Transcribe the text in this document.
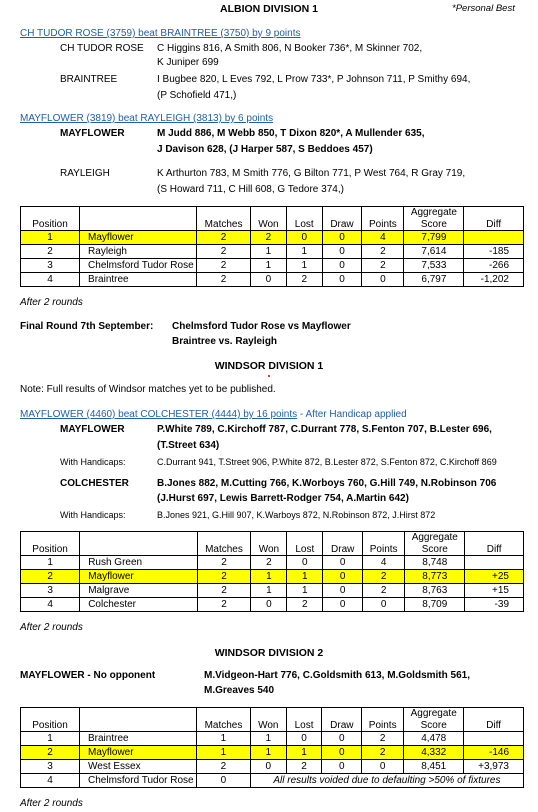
ALBION DIVISION 1	*Personal Best
CH TUDOR ROSE (3759) beat BRAINTREE (3750) by 9 points
CH TUDOR ROSE C Higgins 816, A Smith 806, N Booker 736*, M Skinner 702,
K Juniper 699
BRAINTREE	I Bugbee 820, L Eves 792, L Prow 733*, P Johnson 711, P Smithy 694,
(P Schofield 471,)
MAYFLOWER (3819) beat RAYLEIGH (3813) by 6 points
MAYFLOWER	M Judd 886, M Webb 850, T Dixon 820*, A Mullender 635,
J Davison 628, (J Harper 587, S Beddoes 457)
RAYLEIGH	K Arthurton 783, M Smith 776, G Bilton 771, P West 764, R Gray 719,
(S Howard 711, C Hill 608, G Tedore 374,)
Position		Matches	Won	Lost	Draw	Points	Aggregate Score	Diff
1	Mayflower	2	2	0	0	4	7,799	
2	Rayleigh	2	1	1	0	2	7,614	-185
3	Chelmsford Tudor Rose	2	1	1	0	2	7,533	-266
4	Braintree	2	0	2	0	0	6,797	-1,202
After 2 rounds
Final Round 7th September: Chelmsford Tudor Rose vs Mayflower
Braintree vs. Rayleigh
WINDSOR DIVISION 1
Note: Full results of Windsor matches yet to be published.
MAYFLOWER (4460) beat COLCHESTER (4444) by 16 points - After Handicap applied
MAYFLOWER	P.White 789, C.Kirchoff 787, C.Durrant 778, S.Fenton 707, B.Lester 696,
(T.Street 634)
With Handicaps:	C.Durrant 941, T.Street 906, P.White 872, B.Lester 872, S.Fenton 872, C.Kirchoff 869
COLCHESTER	B.Jones 882, M.Cutting 766, K.Worboys 760, G.Hill 749, N.Robinson 706
(J.Hurst 697, Lewis Barrett-Rodger 754, A.Martin 642)
With Handicaps:	B.Jones 921, G.Hill 907, K.Warboys 872, N.Robinson 872, J.Hirst 872
Position		Matches	Won	Lost	Draw	Points	Aggregate Score	Diff
1	Rush Green	2	2	0	0	4	8,748	
2	Mayflower	2	1	1	0	2	8,773	+25
3	Malgrave	2	1	1	0	2	8,763	+15
4	Colchester	2	0	2	0	0	8,709	-39
After 2 rounds
WINDSOR DIVISION 2
MAYFLOWER - No opponent	M.Vidgeon-Hart 776, C.Goldsmith 613, M.Goldsmith 561,
M.Greaves 540
Position		Matches	Won	Lost	Draw	Points	Aggregate Score	Diff
1	Braintree	1	1	0	0	2	4,478	
2	Mayflower	1	1	1	0	2	4,332	-146
3	West Essex	2	0	2	0	0	8,451	+3,973
4	Chelmsford Tudor Rose	0	All results voided due to defaulting >50% of fixtures					
After 2 rounds
